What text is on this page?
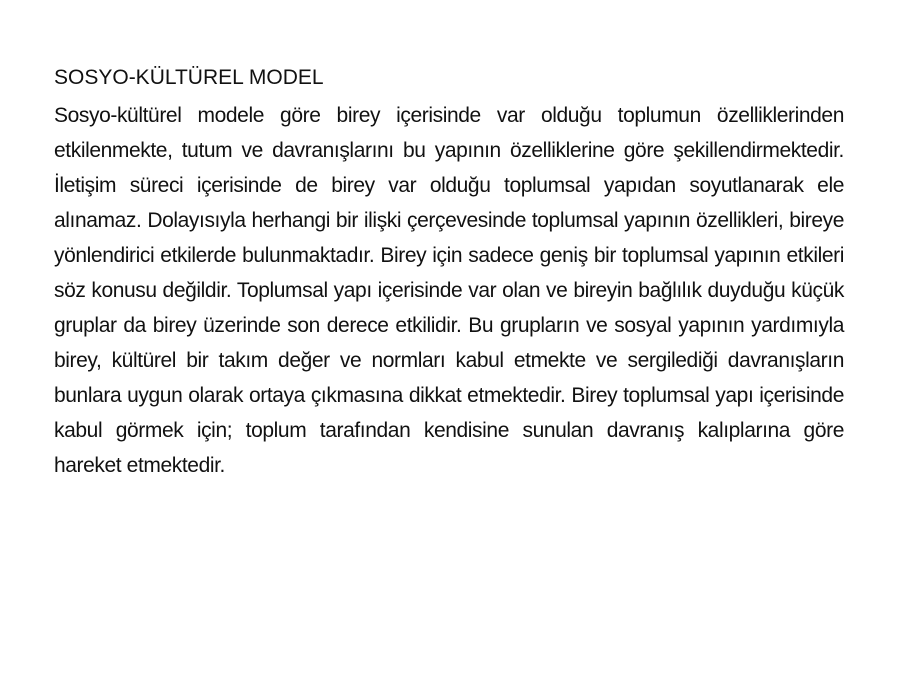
SOSYO-KÜLTÜREL MODEL

Sosyo-kültürel modele göre birey içerisinde var olduğu toplumun özelliklerinden etkilenmekte, tutum ve davranışlarını bu yapının özelliklerine göre şekillendirmektedir. İletişim süreci içerisinde de birey var olduğu toplumsal yapıdan soyutlanarak ele alınamaz. Dolayısıyla herhangi bir ilişki çerçevesinde toplumsal yapının özellikleri, bireye yönlendirici etkilerde bulunmaktadır. Birey için sadece geniş bir toplumsal yapının etkileri söz konusu değildir. Toplumsal yapı içerisinde var olan ve bireyin bağlılık duyduğu küçük gruplar da birey üzerinde son derece etkilidir. Bu grupların ve sosyal yapının yardımıyla birey, kültürel bir takım değer ve normları kabul etmekte ve sergilediği davranışların bunlara uygun olarak ortaya çıkmasına dikkat etmektedir. Birey toplumsal yapı içerisinde kabul görmek için; toplum tarafından kendisine sunulan davranış kalıplarına göre hareket etmektedir.
